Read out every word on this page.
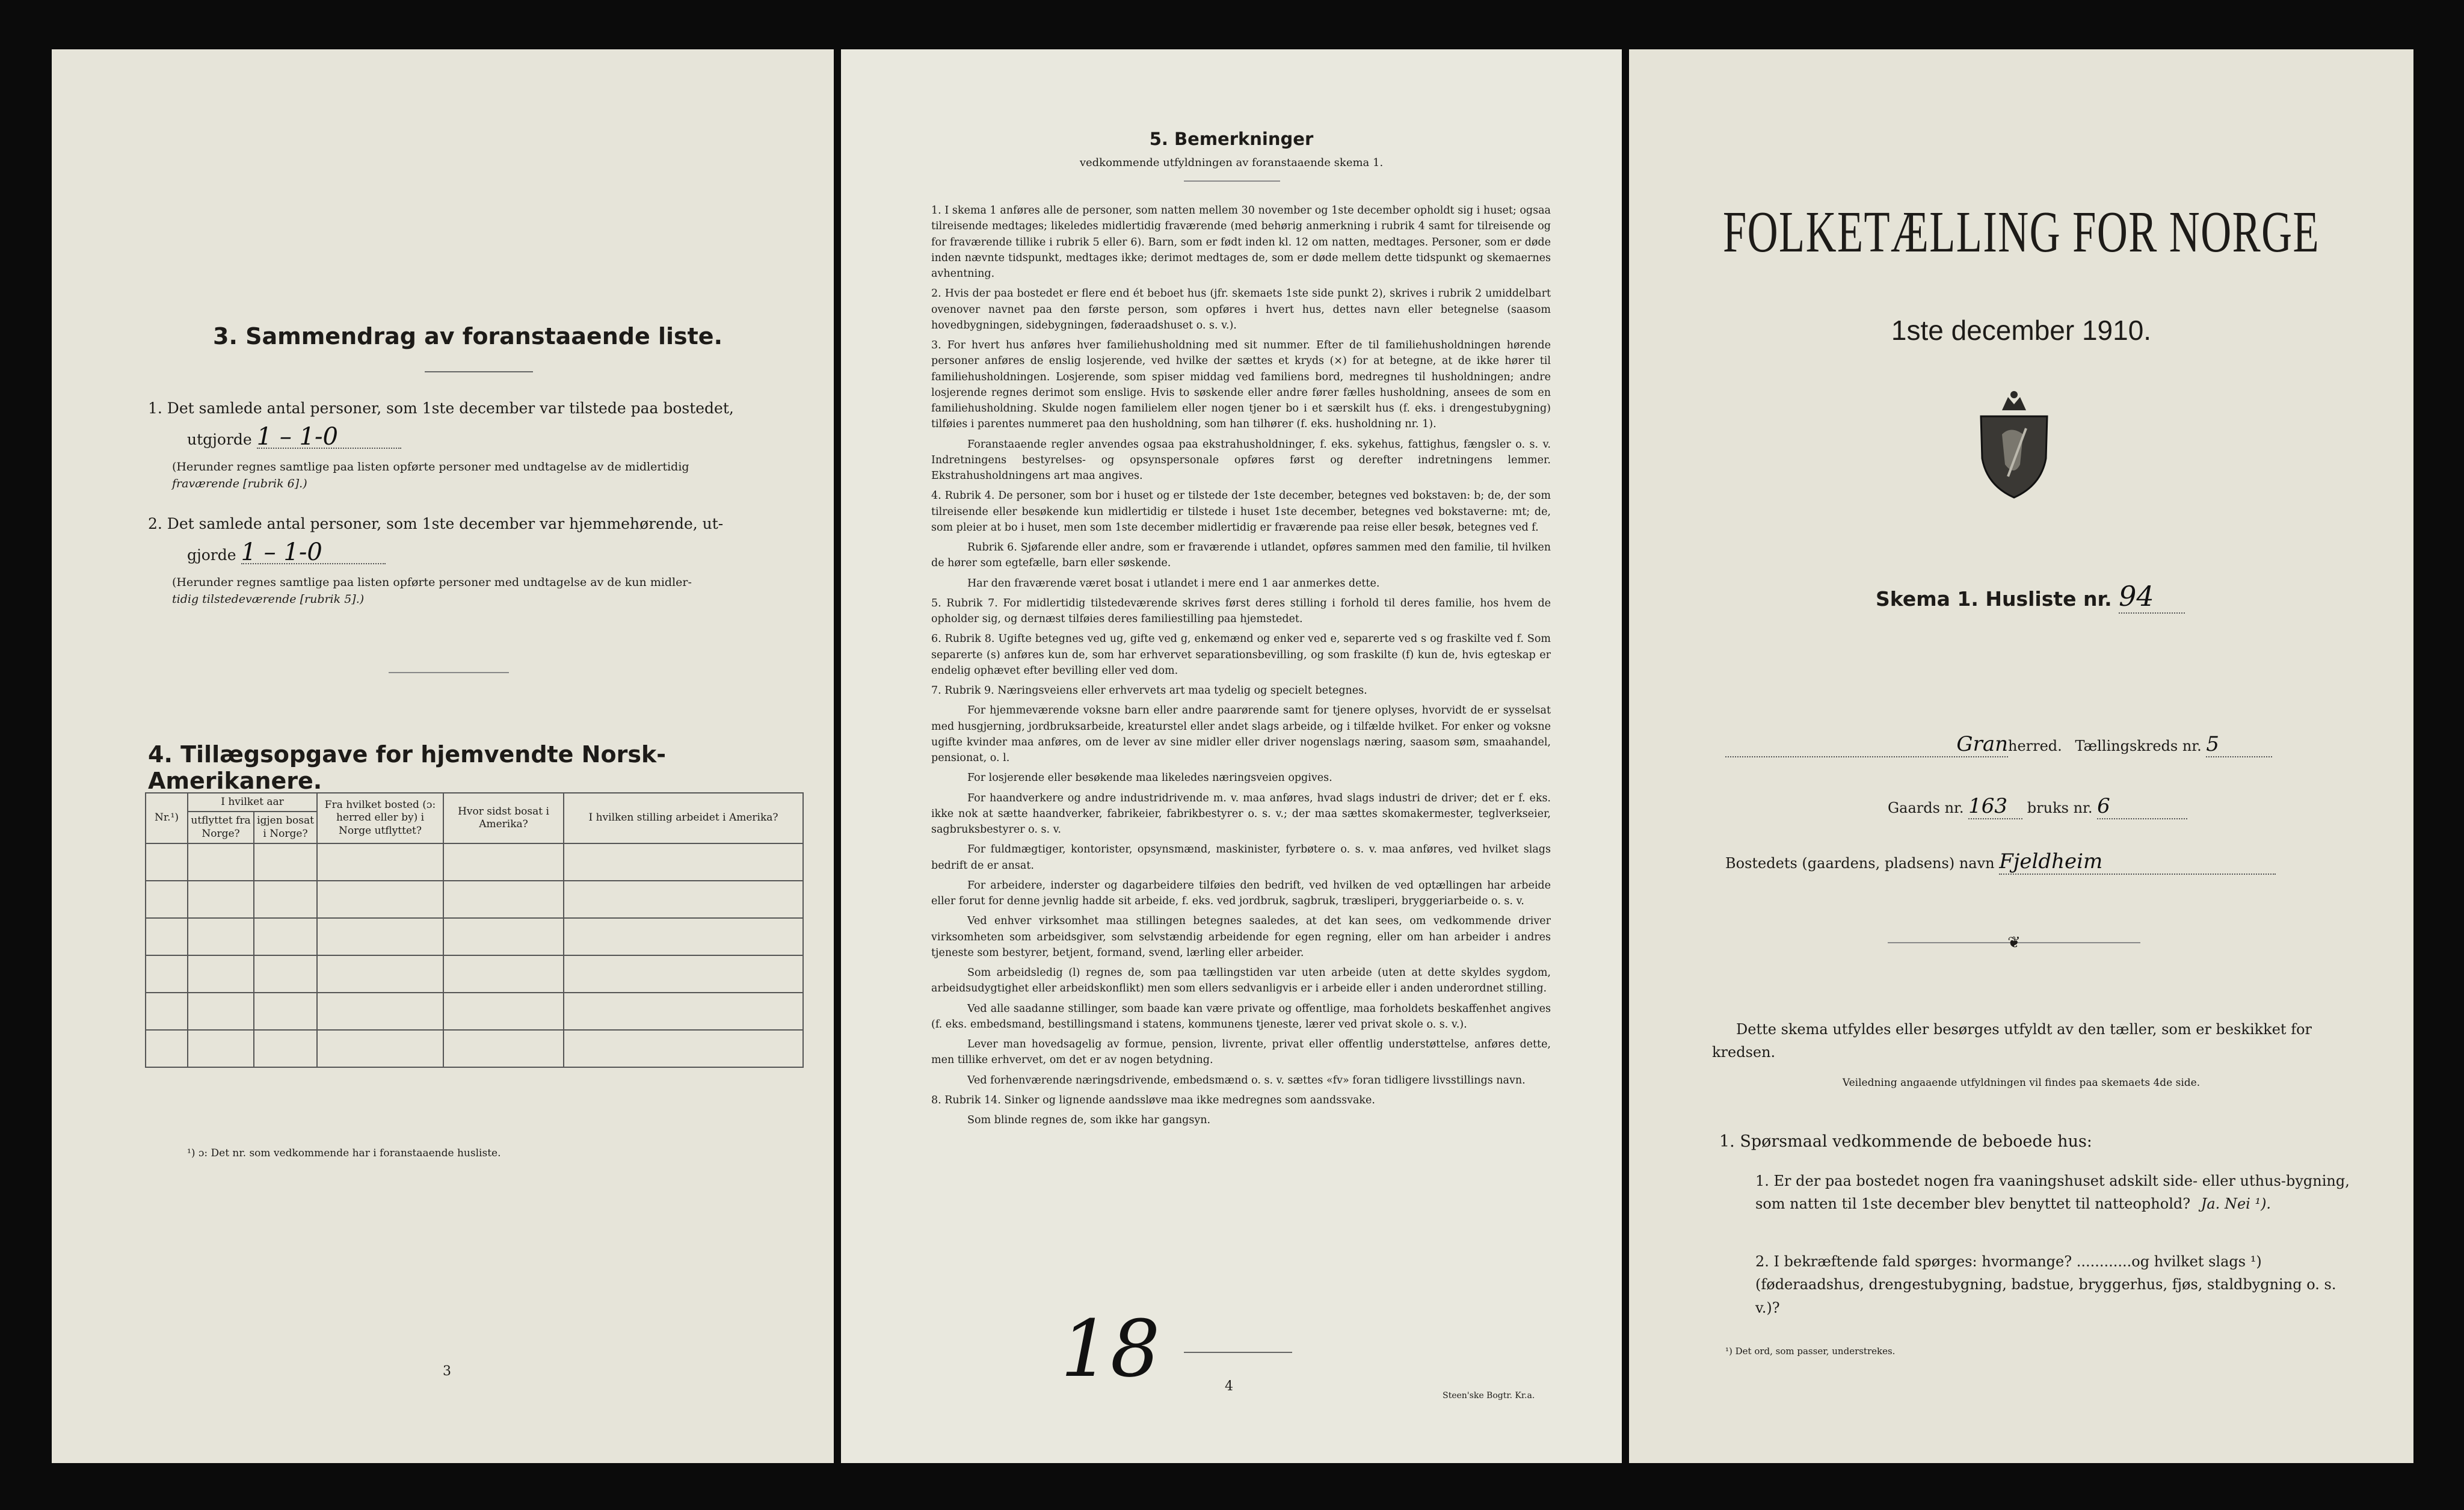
3. Sammendrag av foranstaaende liste.
1. Det samlede antal personer, som 1ste december var tilstede paa bostedet,
utgjorde 1 – 1-0
(Herunder regnes samtlige paa listen opførte personer med undtagelse av de midlertidig
fraværende [rubrik 6].)
2. Det samlede antal personer, som 1ste december var hjemmehørende, ut-
gjorde 1 – 1-0
(Herunder regnes samtlige paa listen opførte personer med undtagelse av de kun midler-
tidig tilstedeværende [rubrik 5].)
4. Tillægsopgave for hjemvendte Norsk-Amerikanere.
Nr.¹)	I hvilket aar		Fra hvilket bosted (ɔ: herred eller by) i Norge utflyttet?	Hvor sidst bosat i Amerika?	I hvilken stilling arbeidet i Amerika?
	utflyttet fra Norge?	igjen bosat i Norge?			

¹) ɔ: Det nr. som vedkommende har i foranstaaende husliste.
3
5. Bemerkninger
vedkommende utfyldningen av foranstaaende skema 1.

1. I skema 1 anføres alle de personer, som natten mellem 30 november og 1ste december opholdt sig i huset; ogsaa tilreisende medtages; likeledes midlertidig fraværende (med behørig anmerkning i rubrik 4 samt for tilreisende og for fraværende tillike i rubrik 5 eller 6). Barn, som er født inden kl. 12 om natten, medtages. Personer, som er døde inden nævnte tidspunkt, medtages ikke; derimot medtages de, som er døde mellem dette tidspunkt og skemaernes avhentning.

2. Hvis der paa bostedet er flere end ét beboet hus (jfr. skemaets 1ste side punkt 2), skrives i rubrik 2 umiddelbart ovenover navnet paa den første person, som opføres i hvert hus, dettes navn eller betegnelse (saasom hovedbygningen, sidebygningen, føderaadshuset o. s. v.).

3. For hvert hus anføres hver familiehusholdning med sit nummer. Efter de til familiehusholdningen hørende personer anføres de enslig losjerende, ved hvilke der sættes et kryds (×) for at betegne, at de ikke hører til familiehusholdningen. Losjerende, som spiser middag ved familiens bord, medregnes til husholdningen; andre losjerende regnes derimot som enslige. Hvis to søskende eller andre fører fælles husholdning, ansees de som en familiehusholdning. Skulde nogen familielem eller nogen tjener bo i et særskilt hus (f. eks. i drengestubygning) tilføies i parentes nummeret paa den husholdning, som han tilhører (f. eks. husholdning nr. 1).

Foranstaaende regler anvendes ogsaa paa ekstrahusholdninger, f. eks. sykehus, fattighus, fængsler o. s. v. Indretningens bestyrelses- og opsynspersonale opføres først og derefter indretningens lemmer. Ekstrahusholdningens art maa angives.

4. Rubrik 4. De personer, som bor i huset og er tilstede der 1ste december, betegnes ved bokstaven: b; de, der som tilreisende eller besøkende kun midlertidig er tilstede i huset 1ste december, betegnes ved bokstaverne: mt; de, som pleier at bo i huset, men som 1ste december midlertidig er fraværende paa reise eller besøk, betegnes ved f.

Rubrik 6. Sjøfarende eller andre, som er fraværende i utlandet, opføres sammen med den familie, til hvilken de hører som egtefælle, barn eller søskende.

Har den fraværende været bosat i utlandet i mere end 1 aar anmerkes dette.

5. Rubrik 7. For midlertidig tilstedeværende skrives først deres stilling i forhold til deres familie, hos hvem de opholder sig, og dernæst tilføies deres familiestilling paa hjemstedet.

6. Rubrik 8. Ugifte betegnes ved ug, gifte ved g, enkemænd og enker ved e, separerte ved s og fraskilte ved f. Som separerte (s) anføres kun de, som har erhvervet separationsbevilling, og som fraskilte (f) kun de, hvis egteskap er endelig ophævet efter bevilling eller ved dom.

7. Rubrik 9. Næringsveiens eller erhvervets art maa tydelig og specielt betegnes.

For hjemmeværende voksne barn eller andre paarørende samt for tjenere oplyses, hvorvidt de er sysselsat med husgjerning, jordbruksarbeide, kreaturstel eller andet slags arbeide, og i tilfælde hvilket. For enker og voksne ugifte kvinder maa anføres, om de lever av sine midler eller driver nogenslags næring, saasom søm, smaahandel, pensionat, o. l.

For losjerende eller besøkende maa likeledes næringsveien opgives.

For haandverkere og andre industridrivende m. v. maa anføres, hvad slags industri de driver; det er f. eks. ikke nok at sætte haandverker, fabrikeier, fabrikbestyrer o. s. v.; der maa sættes skomakermester, teglverkseier, sagbruksbestyrer o. s. v.

For fuldmægtiger, kontorister, opsynsmænd, maskinister, fyrbøtere o. s. v. maa anføres, ved hvilket slags bedrift de er ansat.

For arbeidere, inderster og dagarbeidere tilføies den bedrift, ved hvilken de ved optællingen har arbeide eller forut for denne jevnlig hadde sit arbeide, f. eks. ved jordbruk, sagbruk, træsliperi, bryggeriarbeide o. s. v.

Ved enhver virksomhet maa stillingen betegnes saaledes, at det kan sees, om vedkommende driver virksomheten som arbeidsgiver, som selvstændig arbeidende for egen regning, eller om han arbeider i andres tjeneste som bestyrer, betjent, formand, svend, lærling eller arbeider.

Som arbeidsledig (l) regnes de, som paa tællingstiden var uten arbeide (uten at dette skyldes sygdom, arbeidsudygtighet eller arbeidskonflikt) men som ellers sedvanligvis er i arbeide eller i anden underordnet stilling.

Ved alle saadanne stillinger, som baade kan være private og offentlige, maa forholdets beskaffenhet angives (f. eks. embedsmand, bestillingsmand i statens, kommunens tjeneste, lærer ved privat skole o. s. v.).

Lever man hovedsagelig av formue, pension, livrente, privat eller offentlig understøttelse, anføres dette, men tillike erhvervet, om det er av nogen betydning.

Ved forhenværende næringsdrivende, embedsmænd o. s. v. sættes «fv» foran tidligere livsstillings navn.

8. Rubrik 14. Sinker og lignende aandssløve maa ikke medregnes som aandssvake.

Som blinde regnes de, som ikke har gangsyn.

18	4
Steen'ske Bogtr. Kr.a.
FOLKETÆLLING FOR NORGE
1ste december 1910.
Skema 1. Husliste nr. 94
Granherred. Tællingskreds nr. 5
Gaards nr. 163 bruks nr. 6
Bostedets (gaardens, pladsens) navn Fjeldheim
❦
Dette skema utfyldes eller besørges utfyldt av den tæller, som er beskikket for kredsen.
Veiledning angaaende utfyldningen vil findes paa skemaets 4de side.
1. Spørsmaal vedkommende de beboede hus:
1. Er der paa bostedet nogen fra vaaningshuset adskilt side- eller uthus-bygning, som natten til 1ste december blev benyttet til natteophold? Ja. Nei ¹).
2. I bekræftende fald spørges: hvormange? ............og hvilket slags ¹) (føderaadshus, drengestubygning, badstue, bryggerhus, fjøs, staldbygning o. s. v.)?
¹) Det ord, som passer, understrekes.
